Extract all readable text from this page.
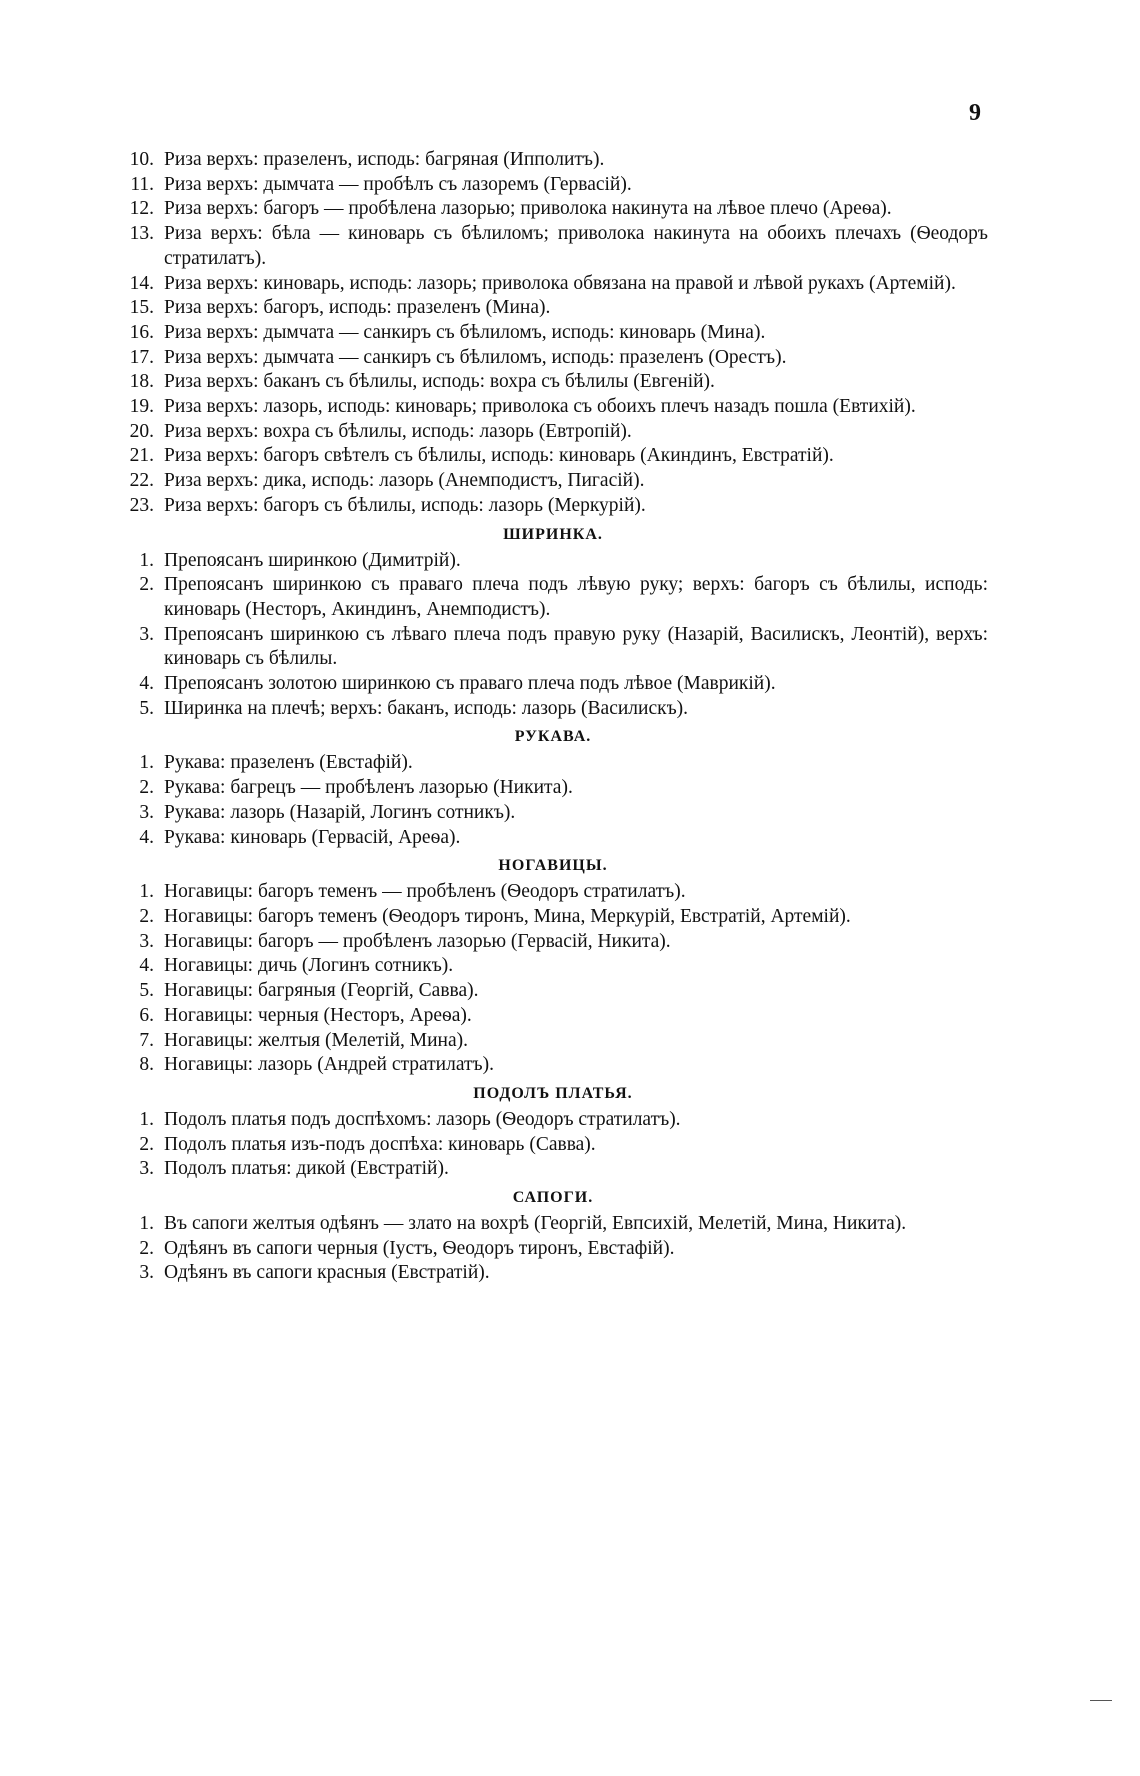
9
10. Риза верхъ: празеленъ, исподь: багряная (Ипполитъ).
11. Риза верхъ: дымчата — пробѣлъ съ лазоремъ (Гервасій).
12. Риза верхъ: багоръ — пробѣлена лазорью; приволока накинута на лѣвое плечо (Ареѳа).
13. Риза верхъ: бѣла — киноварь съ бѣлиломъ; приволока накинута на обоихъ плечахъ (Ѳеодоръ стратилатъ).
14. Риза верхъ: киноварь, исподь: лазорь; приволока обвязана на правой и лѣвой рукахъ (Артемій).
15. Риза верхъ: багоръ, исподь: празеленъ (Мина).
16. Риза верхъ: дымчата — санкиръ съ бѣлиломъ, исподь: киноварь (Мина).
17. Риза верхъ: дымчата — санкиръ съ бѣлиломъ, исподь: празеленъ (Орестъ).
18. Риза верхъ: баканъ съ бѣлилы, исподь: вохра съ бѣлилы (Евгеній).
19. Риза верхъ: лазорь, исподь: киноварь; приволока съ обоихъ плечъ назадъ пошла (Евтихій).
20. Риза верхъ: вохра съ бѣлилы, исподь: лазорь (Евтропій).
21. Риза верхъ: багоръ свѣтелъ съ бѣлилы, исподь: киноварь (Акиндинъ, Евстратій).
22. Риза верхъ: дика, исподь: лазорь (Анемподистъ, Пигасій).
23. Риза верхъ: багоръ съ бѣлилы, исподь: лазорь (Меркурій).
ШИРИНКА.
1. Препоясанъ ширинкою (Димитрій).
2. Препоясанъ ширинкою съ праваго плеча подъ лѣвую руку; верхъ: багоръ съ бѣлилы, исподь: киноварь (Несторъ, Акиндинъ, Анемподистъ).
3. Препоясанъ ширинкою съ лѣваго плеча подъ правую руку (Назарій, Василискъ, Леонтій), верхъ: киноварь съ бѣлилы.
4. Препоясанъ золотою ширинкою съ праваго плеча подъ лѣвое (Маврикій).
5. Ширинка на плечѣ; верхъ: баканъ, исподь: лазорь (Василискъ).
РУКАВА.
1. Рукава: празеленъ (Евстафій).
2. Рукава: багрецъ — пробѣленъ лазорью (Никита).
3. Рукава: лазорь (Назарій, Логинъ сотникъ).
4. Рукава: киноварь (Гервасій, Ареѳа).
НОГАВИЦЫ.
1. Ногавицы: багоръ теменъ — пробѣленъ (Ѳеодоръ стратилатъ).
2. Ногавицы: багоръ теменъ (Ѳеодоръ тиронъ, Мина, Меркурій, Евстратій, Артемій).
3. Ногавицы: багоръ — пробѣленъ лазорью (Гервасій, Никита).
4. Ногавицы: дичь (Логинъ сотникъ).
5. Ногавицы: багряныя (Георгій, Савва).
6. Ногавицы: черныя (Несторъ, Ареѳа).
7. Ногавицы: желтыя (Мелетій, Мина).
8. Ногавицы: лазорь (Андрей стратилатъ).
ПОДОЛЪ ПЛАТЬЯ.
1. Подолъ платья подъ доспѣхомъ: лазорь (Ѳеодоръ стратилатъ).
2. Подолъ платья изъ-подъ доспѣха: киноварь (Савва).
3. Подолъ платья: дикой (Евстратій).
САПОГИ.
1. Въ сапоги желтыя одѣянъ — злато на вохрѣ (Георгій, Евпсихій, Мелетій, Мина, Никита).
2. Одѣянъ въ сапоги черныя (Іустъ, Ѳеодоръ тиронъ, Евстафій).
3. Одѣянъ въ сапоги красныя (Евстратій).
